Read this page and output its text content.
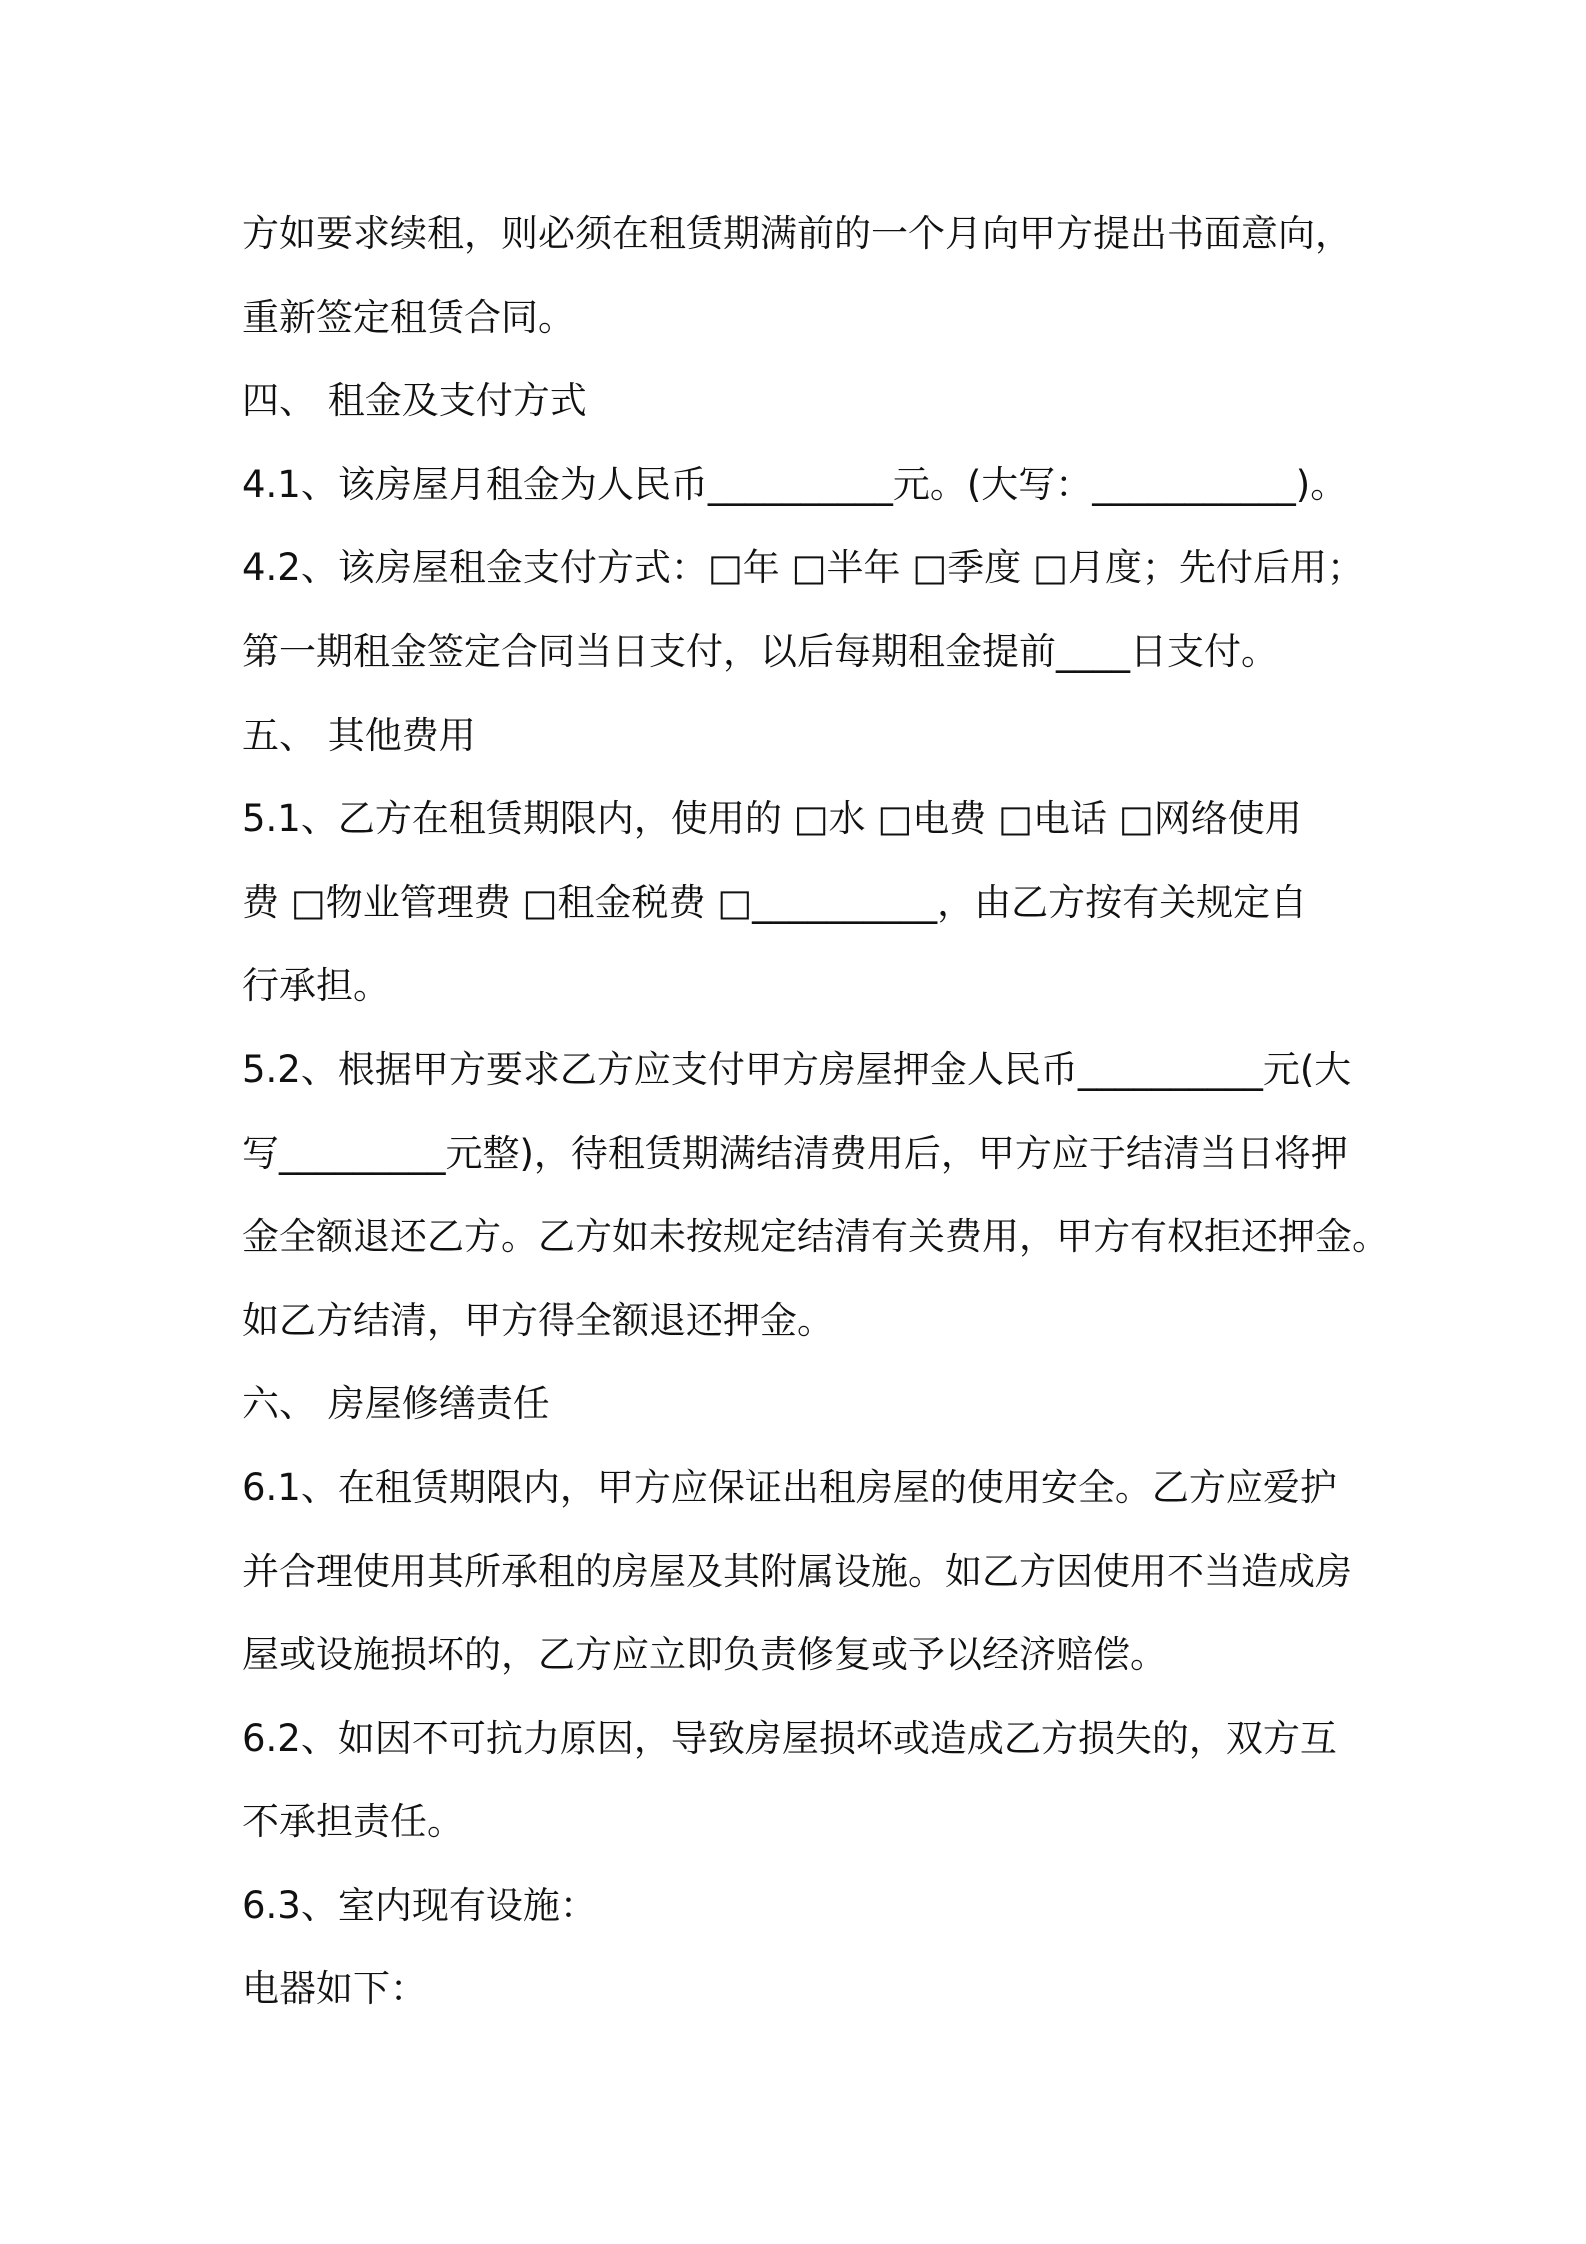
方如要求续租，则必须在租赁期满前的一个月向甲方提出书面意向，
重新签定租赁合同。
四、 租金及支付方式
4.1、该房屋月租金为人民币__________元。(大写：___________)。
4.2、该房屋租金支付方式：□年 □半年 □季度 □月度；先付后用；
第一期租金签定合同当日支付，以后每期租金提前____日支付。
五、 其他费用
5.1、乙方在租赁期限内，使用的 □水 □电费 □电话 □网络使用
费 □物业管理费 □租金税费 □__________，由乙方按有关规定自
行承担。
5.2、根据甲方要求乙方应支付甲方房屋押金人民币__________元(大
写_________元整)，待租赁期满结清费用后，甲方应于结清当日将押
金全额退还乙方。乙方如未按规定结清有关费用，甲方有权拒还押金。
如乙方结清，甲方得全额退还押金。
六、 房屋修缮责任
6.1、在租赁期限内，甲方应保证出租房屋的使用安全。乙方应爱护
并合理使用其所承租的房屋及其附属设施。如乙方因使用不当造成房
屋或设施损坏的，乙方应立即负责修复或予以经济赔偿。
6.2、如因不可抗力原因，导致房屋损坏或造成乙方损失的，双方互
不承担责任。
6.3、室内现有设施：
电器如下：
